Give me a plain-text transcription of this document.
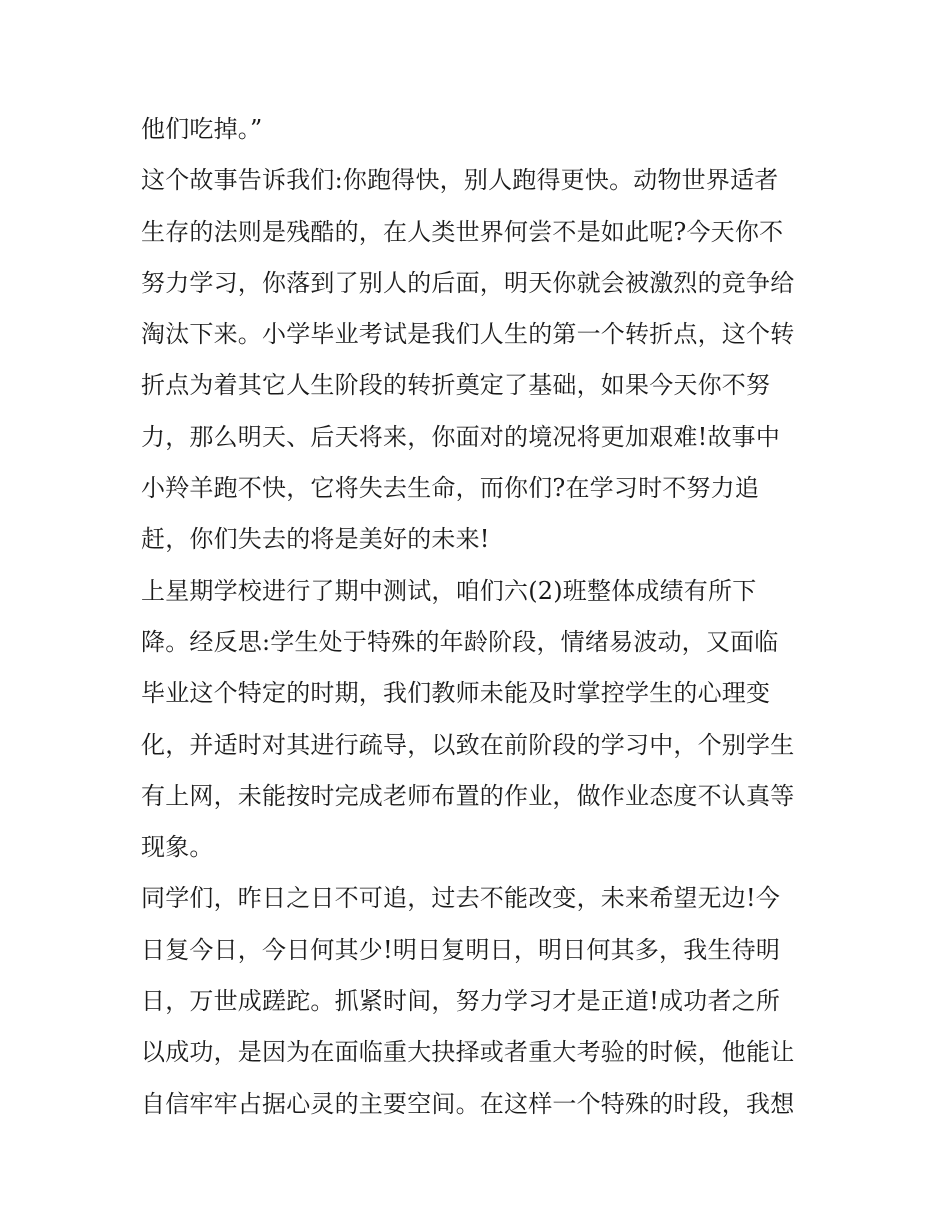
他们吃掉。”
这个故事告诉我们:你跑得快，别人跑得更快。动物世界适者
生存的法则是残酷的，在人类世界何尝不是如此呢?今天你不
努力学习，你落到了别人的后面，明天你就会被激烈的竞争给
淘汰下来。小学毕业考试是我们人生的第一个转折点，这个转
折点为着其它人生阶段的转折奠定了基础，如果今天你不努
力，那么明天、后天将来，你面对的境况将更加艰难!故事中
小羚羊跑不快，它将失去生命，而你们?在学习时不努力追
赶，你们失去的将是美好的未来!
上星期学校进行了期中测试，咱们六(2)班整体成绩有所下
降。经反思:学生处于特殊的年龄阶段，情绪易波动，又面临
毕业这个特定的时期，我们教师未能及时掌控学生的心理变
化，并适时对其进行疏导，以致在前阶段的学习中，个别学生
有上网，未能按时完成老师布置的作业，做作业态度不认真等
现象。
同学们，昨日之日不可追，过去不能改变，未来希望无边!今
日复今日，今日何其少!明日复明日，明日何其多，我生待明
日，万世成蹉跎。抓紧时间，努力学习才是正道!成功者之所
以成功，是因为在面临重大抉择或者重大考验的时候，他能让
自信牢牢占据心灵的主要空间。在这样一个特殊的时段，我想
